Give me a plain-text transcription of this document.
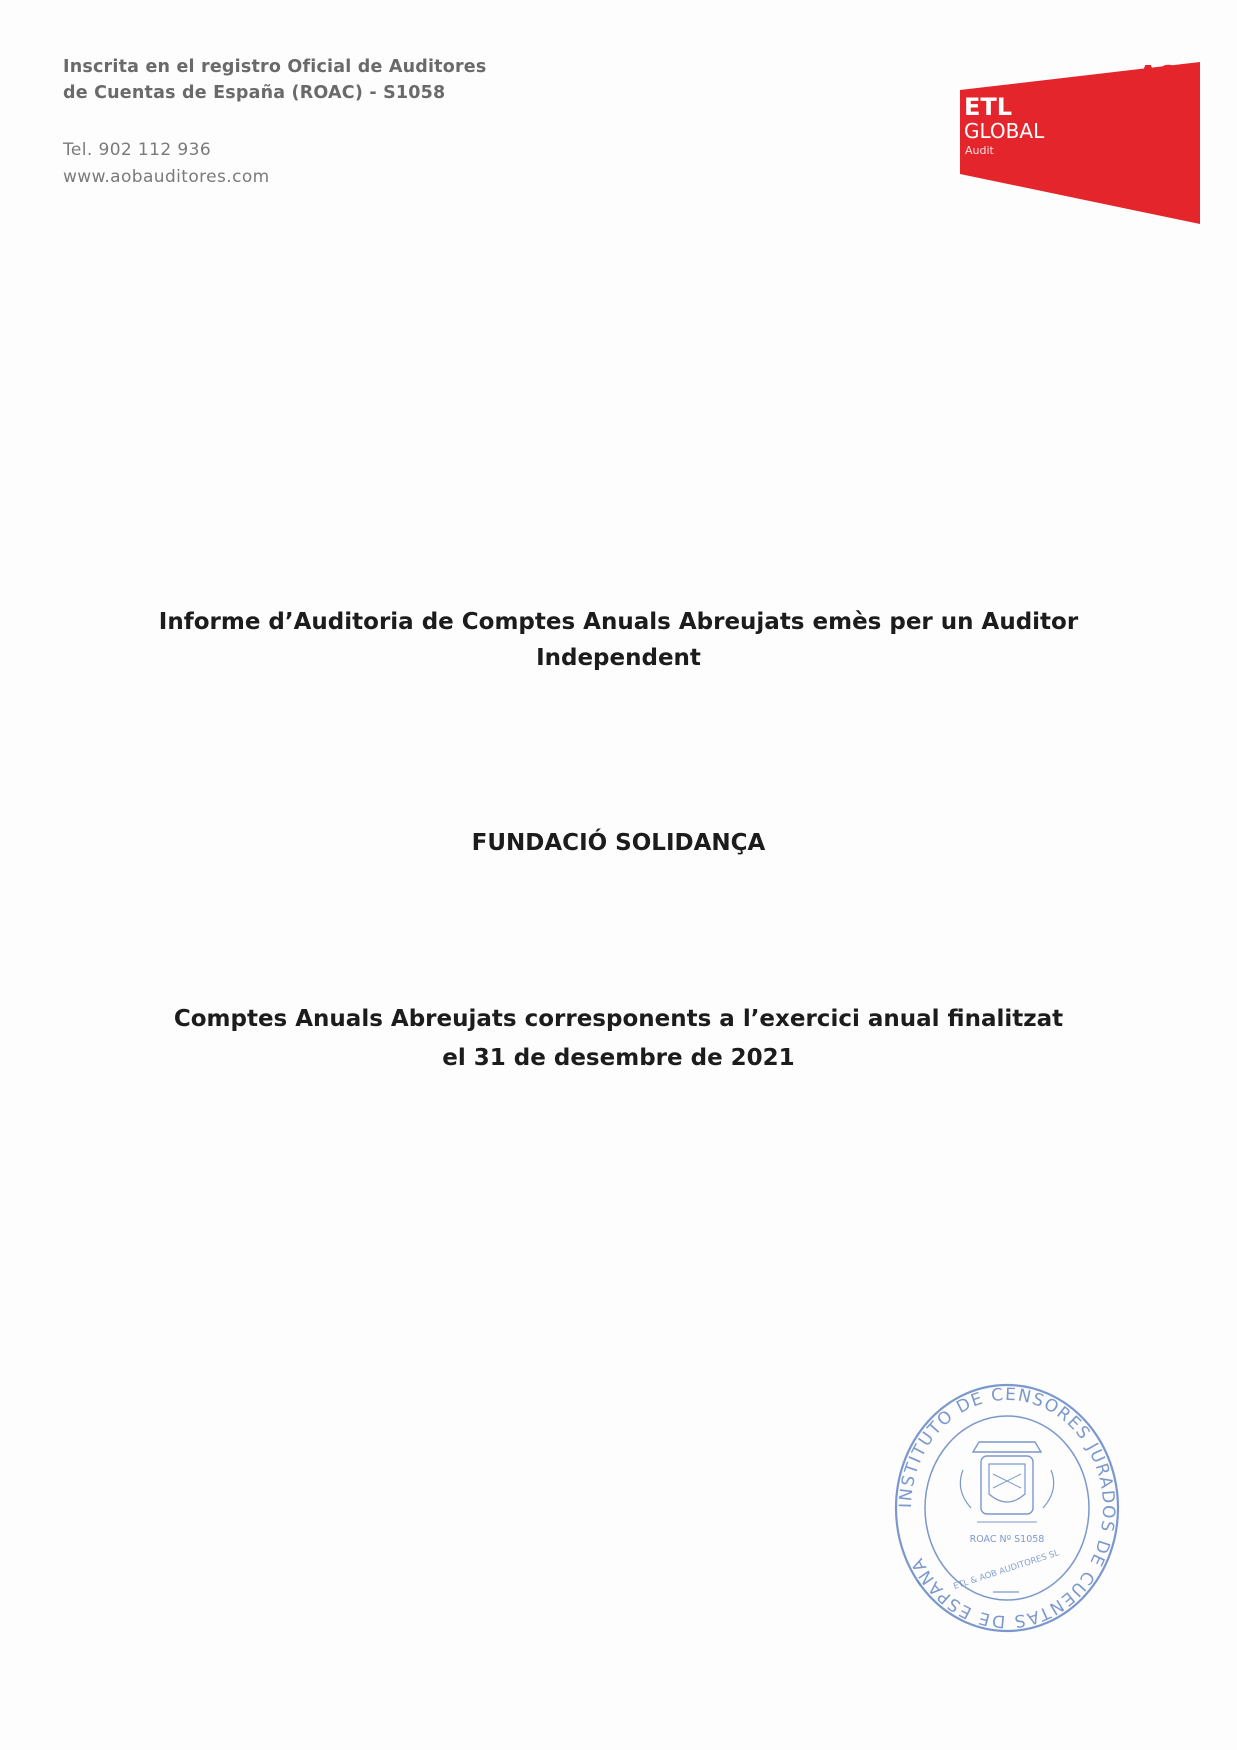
Inscrita en el registro Oficial de Auditores
de Cuentas de España (ROAC) - S1058
Tel. 902 112 936
www.aobauditores.com
AOB
ETL
GLOBAL
Audit
Informe d’Auditoria de Comptes Anuals Abreujats emès per un Auditor
Independent
FUNDACIÓ SOLIDANÇA
Comptes Anuals Abreujats corresponents a l’exercici anual finalitzat
el 31 de desembre de 2021
INSTITUTO DE CENSORES JURADOS DE CUENTAS DE ESPAÑA
ROAC Nº S1058
ETL & AOB AUDITORES SL
